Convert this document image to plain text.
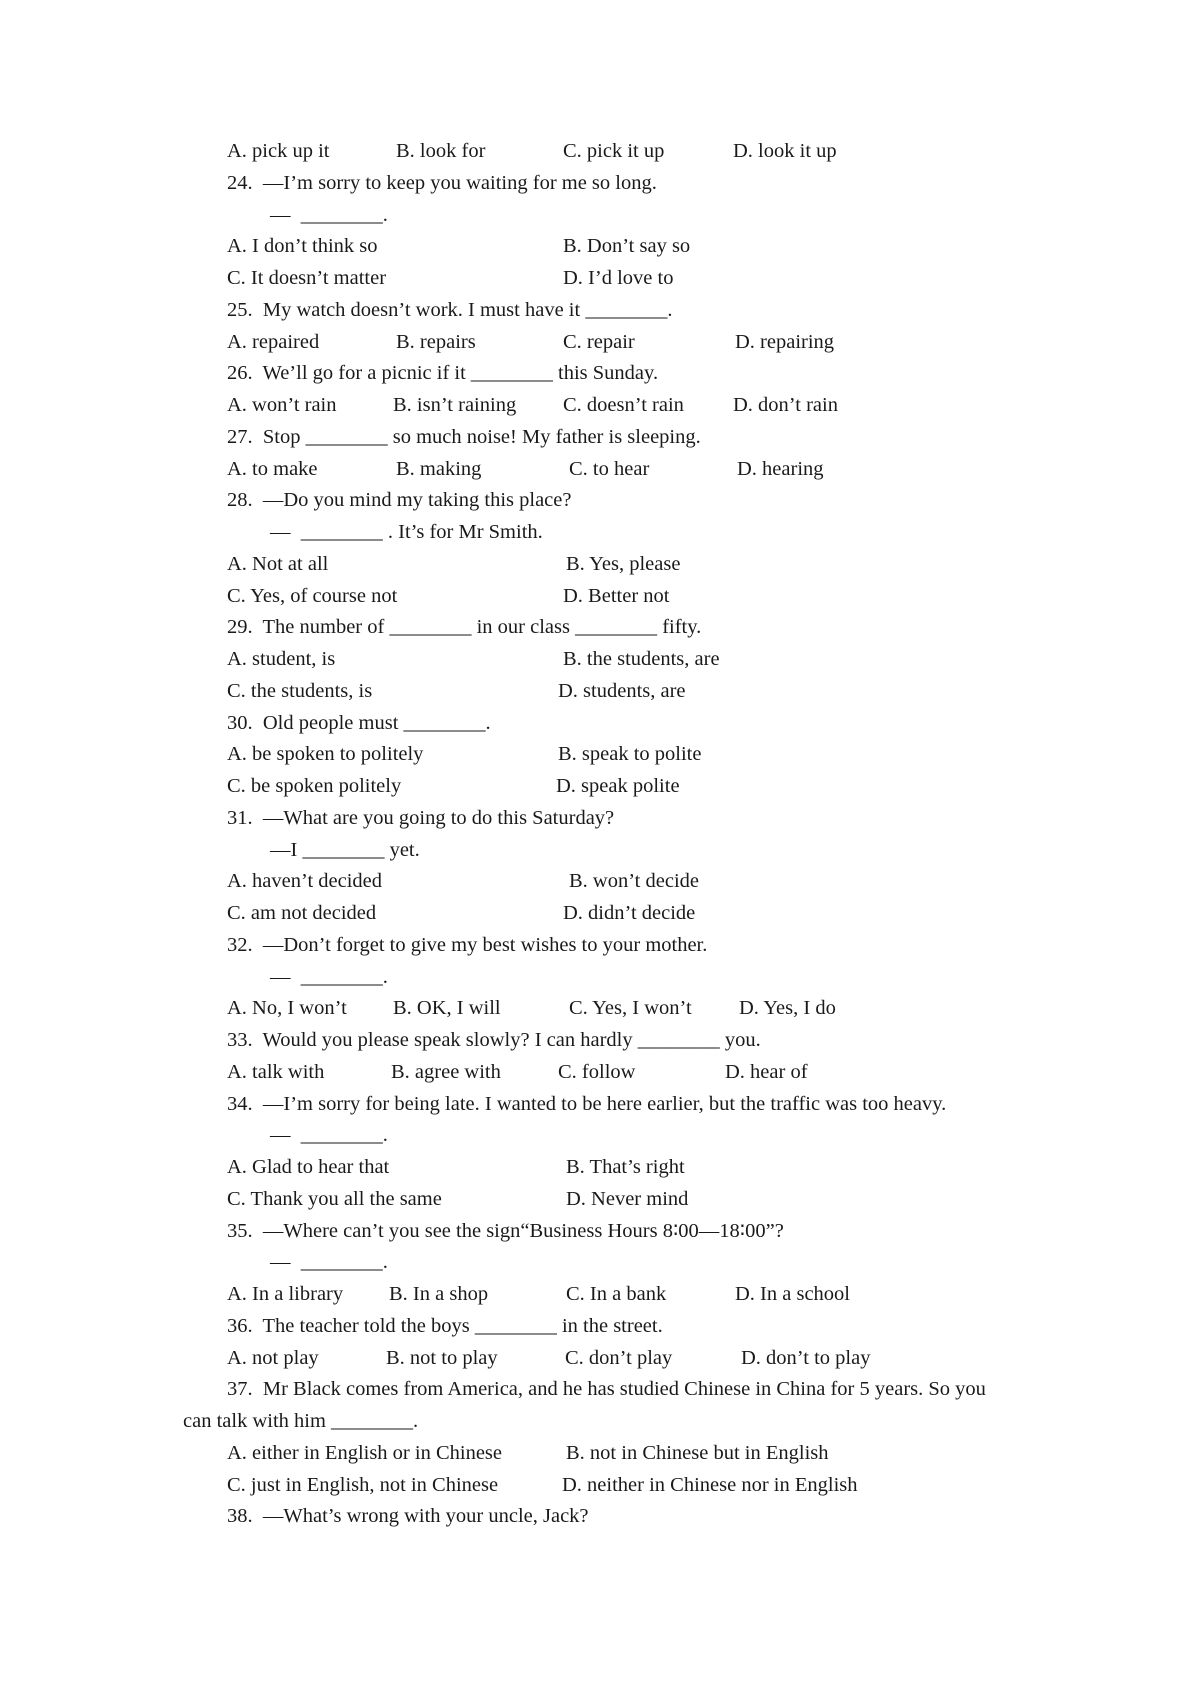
A. pick up it	B. look for	C. pick it up	D. look it up
24.  —I’m sorry to keep you waiting for me so long.
—  ________.
A. I don’t think so	B. Don’t say so
C. It doesn’t matter	D. I’d love to
25.  My watch doesn’t work. I must have it ________.
A. repaired	B. repairs	C. repair	D. repairing
26.  We’ll go for a picnic if it ________ this Sunday.
A. won’t rain	B. isn’t raining C. doesn’t rain D. don’t rain
27.  Stop ________ so much noise! My father is sleeping.
A. to make	B. making	C. to hear	D. hearing
28.  —Do you mind my taking this place?
—  ________ . It’s for Mr Smith.
A. Not at all	B. Yes, please
C. Yes, of course not	D. Better not
29.  The number of ________ in our class ________ fifty.
A. student, is	B. the students, are
C. the students, is	D. students, are
30.  Old people must ________.
A. be spoken to politely	B. speak to polite
C. be spoken politely	D. speak polite
31.  —What are you going to do this Saturday?
—I ________ yet.
A. haven’t decided	B. won’t decide
C. am not decided	D. didn’t decide
32.  —Don’t forget to give my best wishes to your mother.
—  ________.
A. No, I won’t B. OK, I will	C. Yes, I won’t D. Yes, I do
33.  Would you please speak slowly? I can hardly ________ you.
A. talk with	B. agree with	C. follow	D. hear of
34.  —I’m sorry for being late. I wanted to be here earlier, but the traffic was too heavy.
—  ________.
A. Glad to hear that	B. That’s right
C. Thank you all the same	D. Never mind
35.  —Where can’t you see the sign“Business Hours 8∶00—18∶00”?
—  ________.
A. In a library B. In a shop	C. In a bank	D. In a school
36.  The teacher told the boys ________ in the street.
A. not play	B. not to play	C. don’t play	D. don’t to play
37.  Mr Black comes from America, and he has studied Chinese in China for 5 years. So you
can talk with him ________.
A. either in English or in Chinese	B. not in Chinese but in English
C. just in English, not in Chinese	D. neither in Chinese nor in English
38.  —What’s wrong with your uncle, Jack?
